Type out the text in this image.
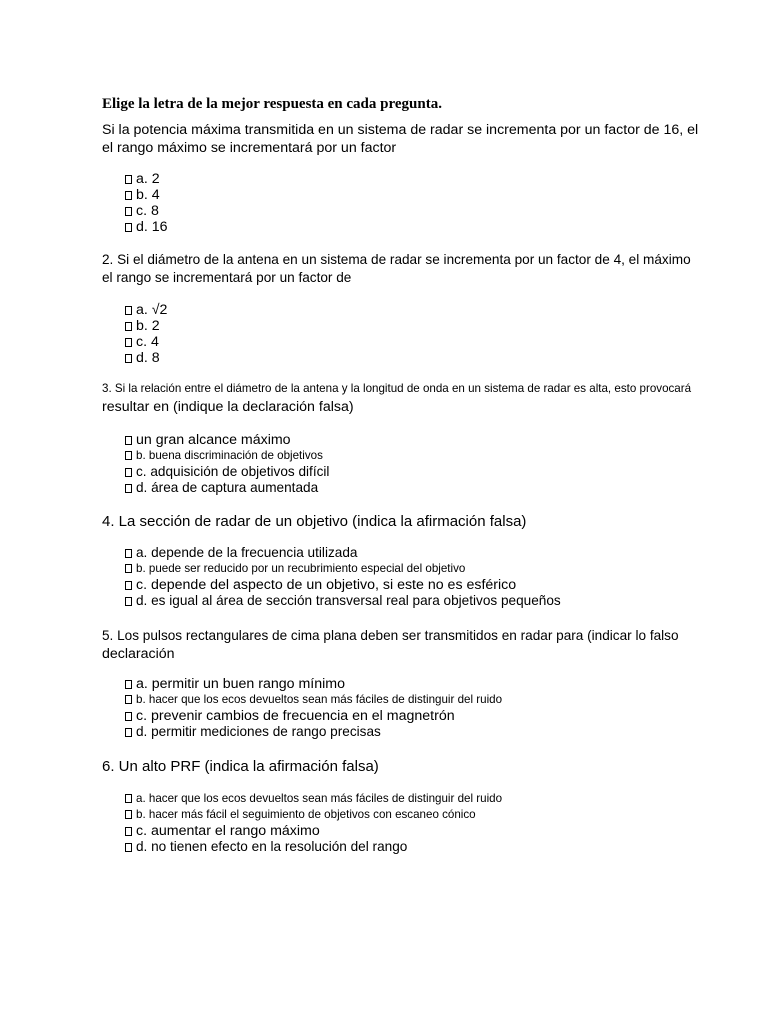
Elige la letra de la mejor respuesta en cada pregunta.
Si la potencia máxima transmitida en un sistema de radar se incrementa por un factor de 16, el
el rango máximo se incrementará por un factor
a. 2
b. 4
c. 8
d. 16
2. Si el diámetro de la antena en un sistema de radar se incrementa por un factor de 4, el máximo
el rango se incrementará por un factor de
a. √2
b. 2
c. 4
d. 8
3. Si la relación entre el diámetro de la antena y la longitud de onda en un sistema de radar es alta, esto provocará
resultar en (indique la declaración falsa)
un gran alcance máximo
b. buena discriminación de objetivos
c. adquisición de objetivos difícil
d. área de captura aumentada
4. La sección de radar de un objetivo (indica la afirmación falsa)
a. depende de la frecuencia utilizada
b. puede ser reducido por un recubrimiento especial del objetivo
c. depende del aspecto de un objetivo, si este no es esférico
d. es igual al área de sección transversal real para objetivos pequeños
5. Los pulsos rectangulares de cima plana deben ser transmitidos en radar para (indicar lo falso
declaración
a. permitir un buen rango mínimo
b. hacer que los ecos devueltos sean más fáciles de distinguir del ruido
c. prevenir cambios de frecuencia en el magnetrón
d. permitir mediciones de rango precisas
6. Un alto PRF (indica la afirmación falsa)
a. hacer que los ecos devueltos sean más fáciles de distinguir del ruido
b. hacer más fácil el seguimiento de objetivos con escaneo cónico
c. aumentar el rango máximo
d. no tienen efecto en la resolución del rango
